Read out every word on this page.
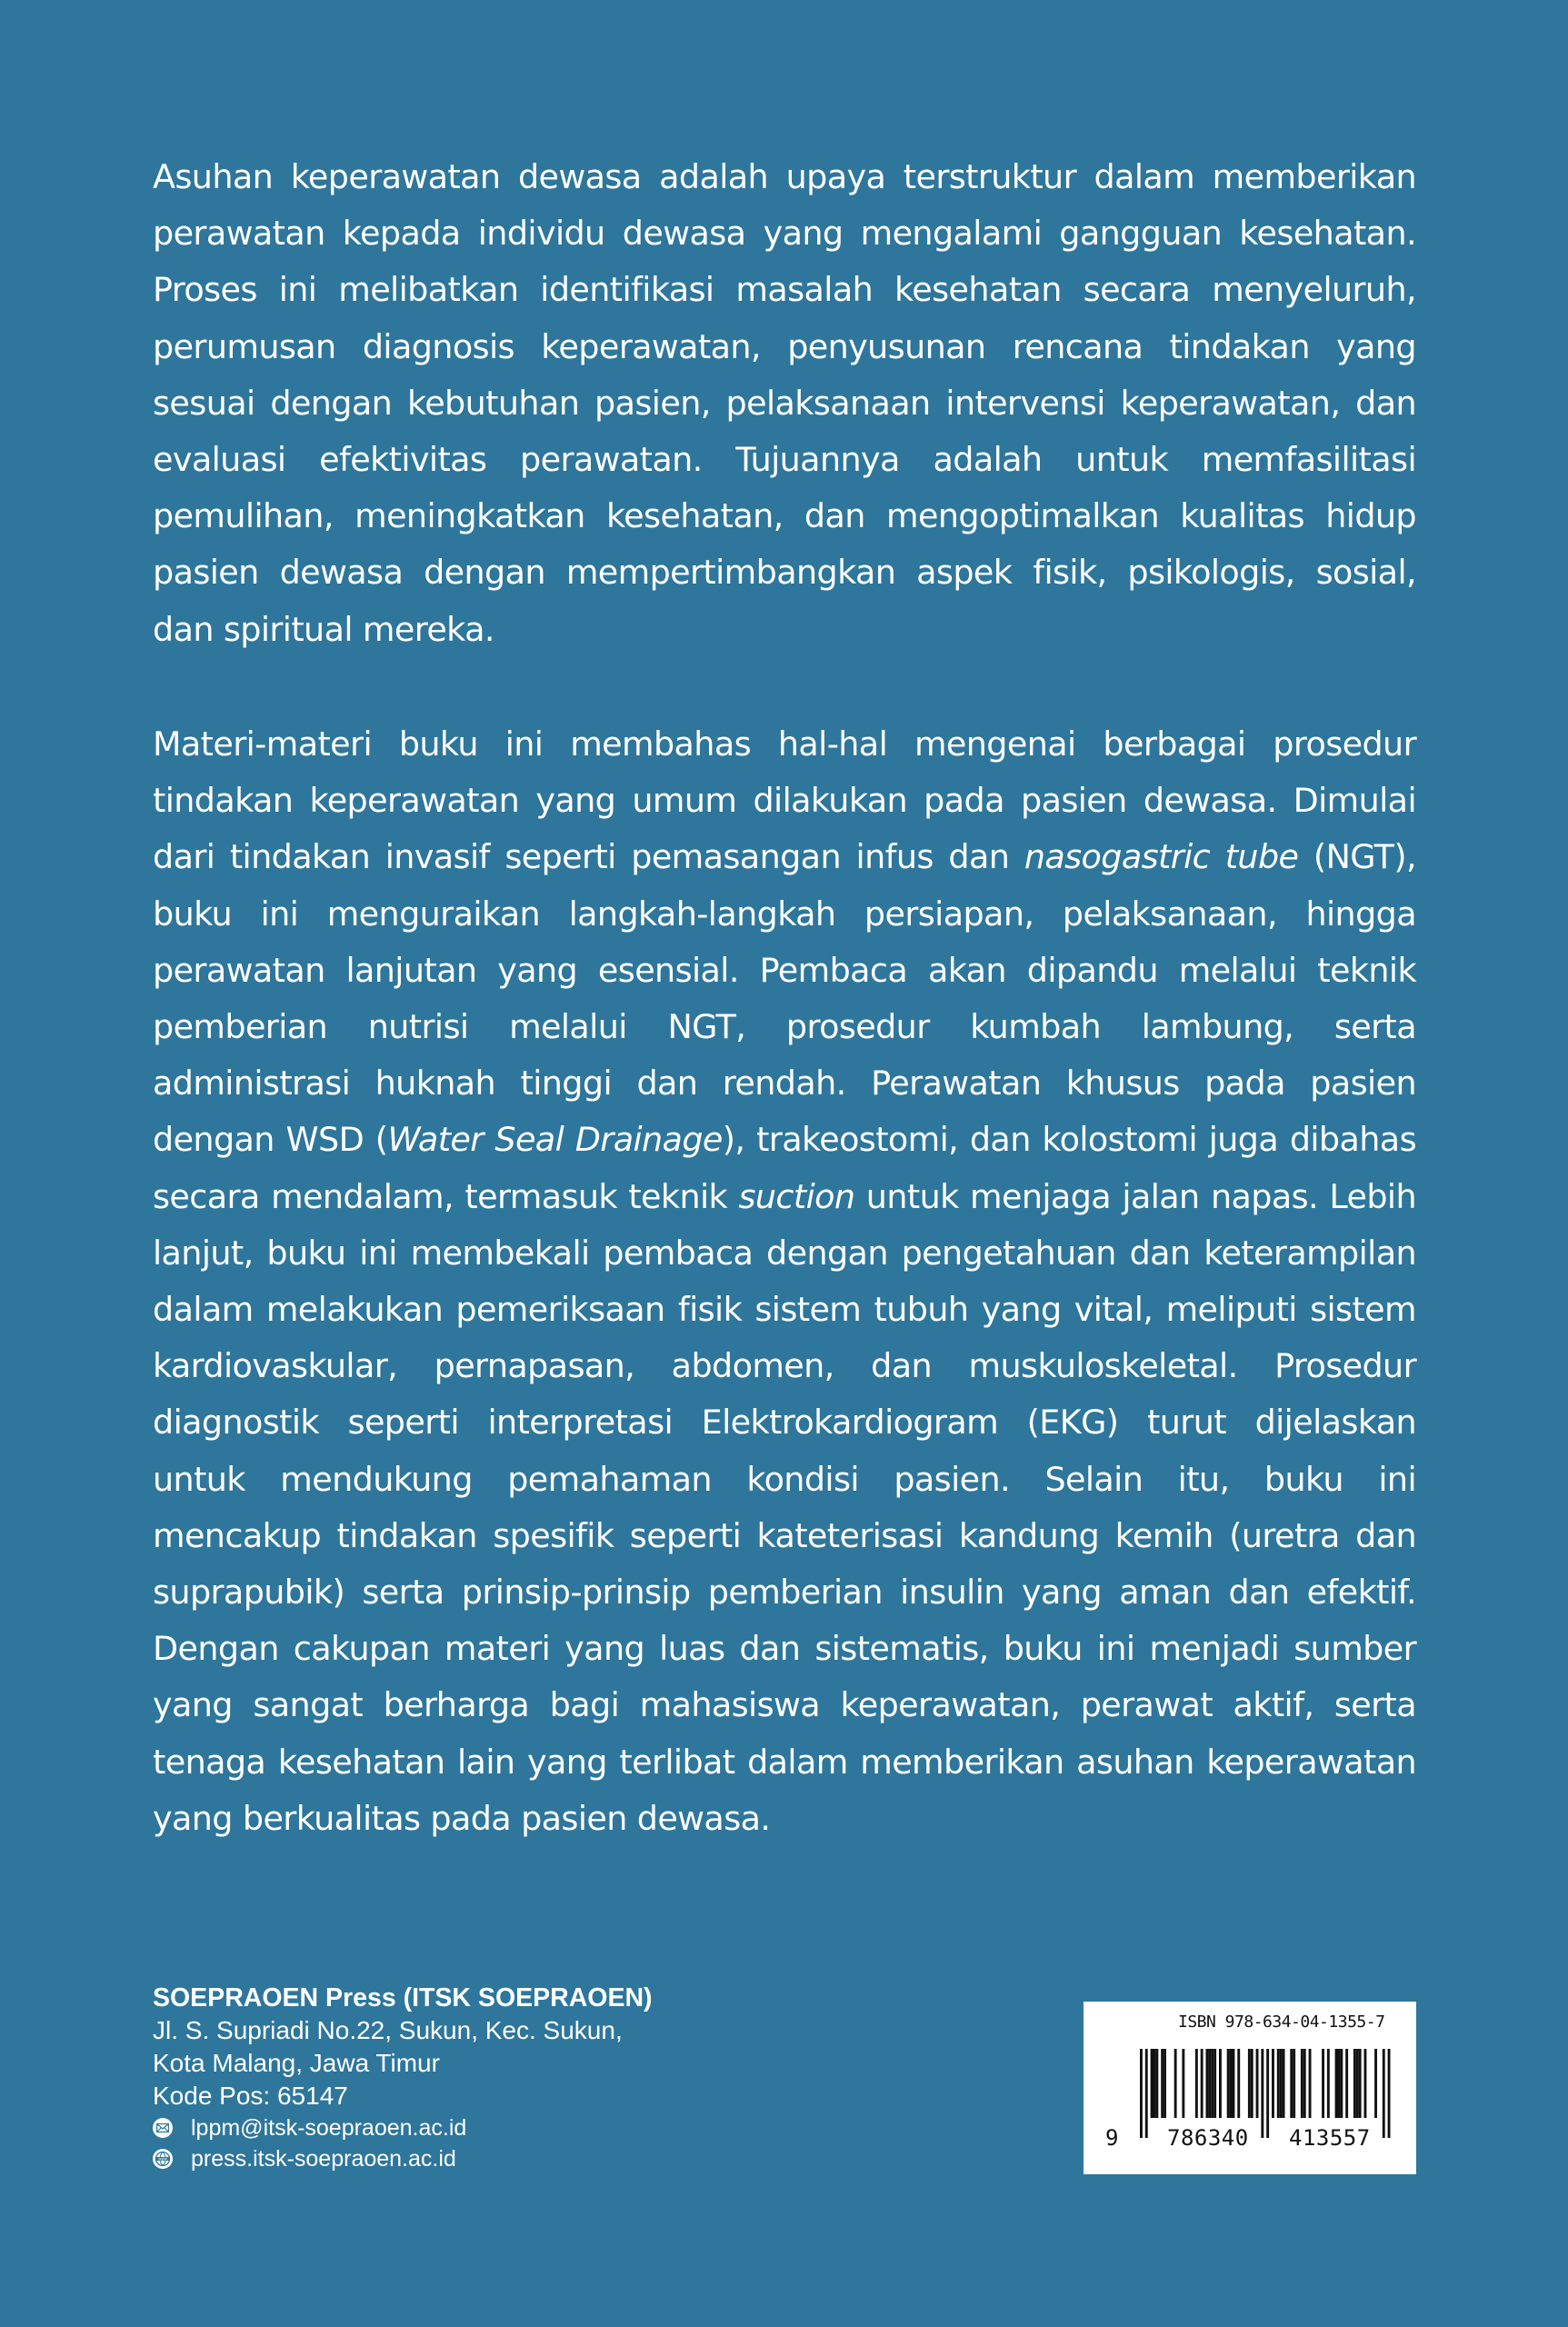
Asuhan keperawatan dewasa adalah upaya terstruktur dalam memberikan
perawatan kepada individu dewasa yang mengalami gangguan kesehatan.
Proses ini melibatkan identifikasi masalah kesehatan secara menyeluruh,
perumusan diagnosis keperawatan, penyusunan rencana tindakan yang
sesuai dengan kebutuhan pasien, pelaksanaan intervensi keperawatan, dan
evaluasi efektivitas perawatan. Tujuannya adalah untuk memfasilitasi
pemulihan, meningkatkan kesehatan, dan mengoptimalkan kualitas hidup
pasien dewasa dengan mempertimbangkan aspek fisik, psikologis, sosial,
dan spiritual mereka.
Materi-materi buku ini membahas hal-hal mengenai berbagai prosedur
tindakan keperawatan yang umum dilakukan pada pasien dewasa. Dimulai
dari tindakan invasif seperti pemasangan infus dan nasogastric tube (NGT),
buku ini menguraikan langkah-langkah persiapan, pelaksanaan, hingga
perawatan lanjutan yang esensial. Pembaca akan dipandu melalui teknik
pemberian nutrisi melalui NGT, prosedur kumbah lambung, serta
administrasi huknah tinggi dan rendah. Perawatan khusus pada pasien
dengan WSD (Water Seal Drainage), trakeostomi, dan kolostomi juga dibahas
secara mendalam, termasuk teknik suction untuk menjaga jalan napas. Lebih
lanjut, buku ini membekali pembaca dengan pengetahuan dan keterampilan
dalam melakukan pemeriksaan fisik sistem tubuh yang vital, meliputi sistem
kardiovaskular, pernapasan, abdomen, dan muskuloskeletal. Prosedur
diagnostik seperti interpretasi Elektrokardiogram (EKG) turut dijelaskan
untuk mendukung pemahaman kondisi pasien. Selain itu, buku ini
mencakup tindakan spesifik seperti kateterisasi kandung kemih (uretra dan
suprapubik) serta prinsip-prinsip pemberian insulin yang aman dan efektif.
Dengan cakupan materi yang luas dan sistematis, buku ini menjadi sumber
yang sangat berharga bagi mahasiswa keperawatan, perawat aktif, serta
tenaga kesehatan lain yang terlibat dalam memberikan asuhan keperawatan
yang berkualitas pada pasien dewasa.
SOEPRAOEN Press (ITSK SOEPRAOEN)
Jl. S. Supriadi No.22, Sukun, Kec. Sukun,
Kota Malang, Jawa Timur
Kode Pos: 65147
lppm@itsk-soepraoen.ac.id
www press.itsk-soepraoen.ac.id
ISBN 978-634-04-1355-7
9 786340 413557
